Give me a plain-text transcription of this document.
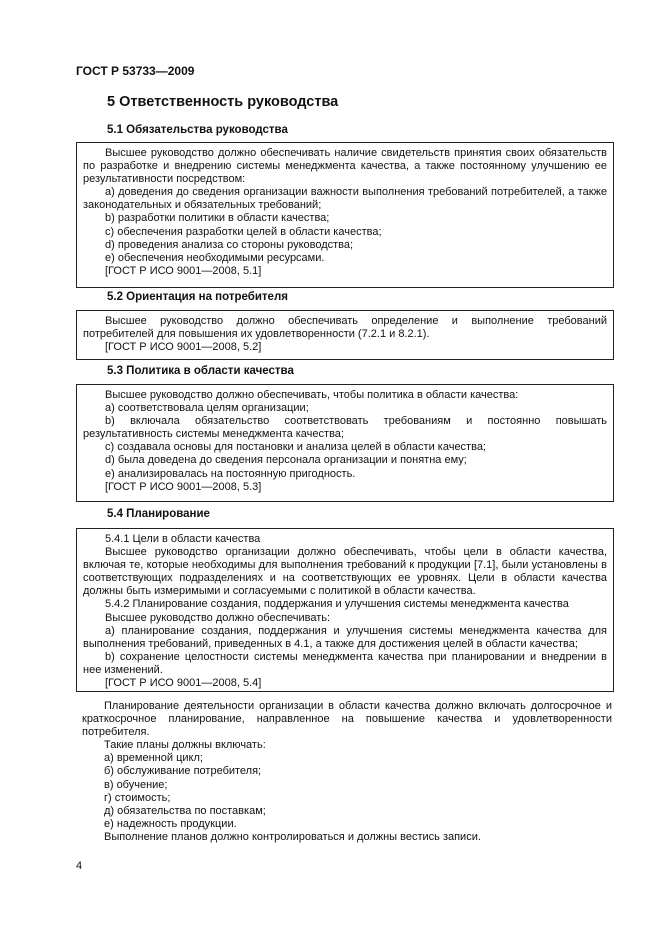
ГОСТ Р 53733—2009
5 Ответственность руководства
5.1 Обязательства руководства

Высшее руководство должно обеспечивать наличие свидетельств принятия своих обязательств по разработке и внедрению системы менеджмента качества, а также постоянному улучшению ее результативности посредством:

a) доведения до сведения организации важности выполнения требований потребителей, а также законодательных и обязательных требований;

b) разработки политики в области качества;

c) обеспечения разработки целей в области качества;

d) проведения анализа со стороны руководства;

e) обеспечения необходимыми ресурсами.

[ГОСТ Р ИСО 9001—2008, 5.1]

5.2 Ориентация на потребителя

Высшее руководство должно обеспечивать определение и выполнение требований потребителей для повышения их удовлетворенности (7.2.1 и 8.2.1).

[ГОСТ Р ИСО 9001—2008, 5.2]

5.3 Политика в области качества

Высшее руководство должно обеспечивать, чтобы политика в области качества:

a) соответствовала целям организации;

b) включала обязательство соответствовать требованиям и постоянно повышать результативность системы менеджмента качества;

c) создавала основы для постановки и анализа целей в области качества;

d) была доведена до сведения персонала организации и понятна ему;

e) анализировалась на постоянную пригодность.

[ГОСТ Р ИСО 9001—2008, 5.3]

5.4 Планирование

5.4.1 Цели в области качества

Высшее руководство организации должно обеспечивать, чтобы цели в области качества, включая те, которые необходимы для выполнения требований к продукции [7.1], были установлены в соответствующих подразделениях и на соответствующих ее уровнях. Цели в области качества должны быть измеримыми и согласуемыми с политикой в области качества.

5.4.2 Планирование создания, поддержания и улучшения системы менеджмента качества

Высшее руководство должно обеспечивать:

a) планирование создания, поддержания и улучшения системы менеджмента качества для выполнения требований, приведенных в 4.1, а также для достижения целей в области качества;

b) сохранение целостности системы менеджмента качества при планировании и внедрении в нее изменений.

[ГОСТ Р ИСО 9001—2008, 5.4]

Планирование деятельности организации в области качества должно включать долгосрочное и краткосрочное планирование, направленное на повышение качества и удовлетворенности потребителя.

Такие планы должны включать:

а) временной цикл;

б) обслуживание потребителя;

в) обучение;

г) стоимость;

д) обязательства по поставкам;

е) надежность продукции.

Выполнение планов должно контролироваться и должны вестись записи.

4
